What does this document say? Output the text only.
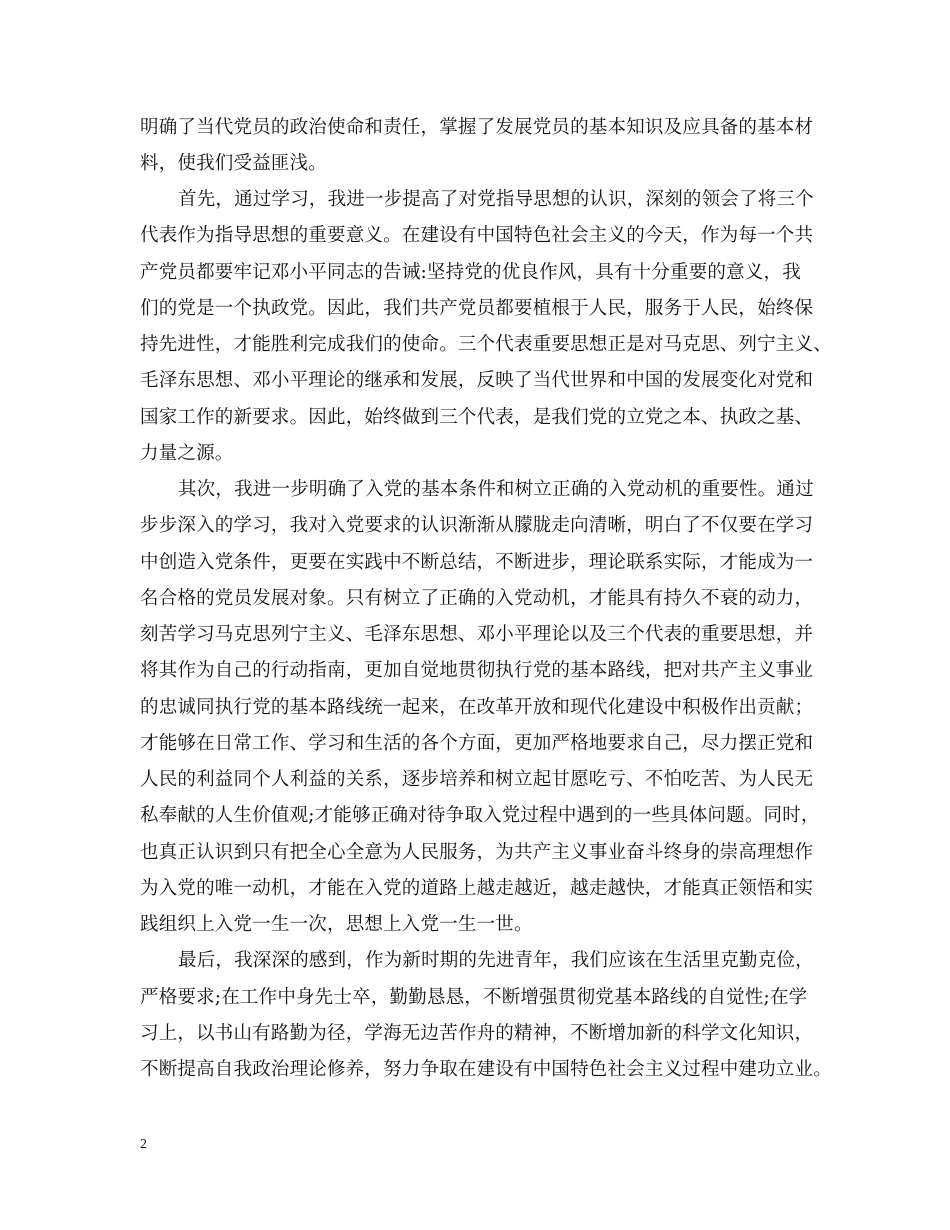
明确了当代党员的政治使命和责任，掌握了发展党员的基本知识及应具备的基本材
料，使我们受益匪浅。
首先，通过学习，我进一步提高了对党指导思想的认识，深刻的领会了将三个
代表作为指导思想的重要意义。在建设有中国特色社会主义的今天，作为每一个共
产党员都要牢记邓小平同志的告诫:坚持党的优良作风，具有十分重要的意义，我
们的党是一个执政党。因此，我们共产党员都要植根于人民，服务于人民，始终保
持先进性，才能胜利完成我们的使命。三个代表重要思想正是对马克思、列宁主义、
毛泽东思想、邓小平理论的继承和发展，反映了当代世界和中国的发展变化对党和
国家工作的新要求。因此，始终做到三个代表，是我们党的立党之本、执政之基、
力量之源。
其次，我进一步明确了入党的基本条件和树立正确的入党动机的重要性。通过
步步深入的学习，我对入党要求的认识渐渐从朦胧走向清晰，明白了不仅要在学习
中创造入党条件，更要在实践中不断总结，不断进步，理论联系实际，才能成为一
名合格的党员发展对象。只有树立了正确的入党动机，才能具有持久不衰的动力，
刻苦学习马克思列宁主义、毛泽东思想、邓小平理论以及三个代表的重要思想，并
将其作为自己的行动指南，更加自觉地贯彻执行党的基本路线，把对共产主义事业
的忠诚同执行党的基本路线统一起来，在改革开放和现代化建设中积极作出贡献；
才能够在日常工作、学习和生活的各个方面，更加严格地要求自己，尽力摆正党和
人民的利益同个人利益的关系，逐步培养和树立起甘愿吃亏、不怕吃苦、为人民无
私奉献的人生价值观;才能够正确对待争取入党过程中遇到的一些具体问题。同时，
也真正认识到只有把全心全意为人民服务，为共产主义事业奋斗终身的崇高理想作
为入党的唯一动机，才能在入党的道路上越走越近，越走越快，才能真正领悟和实
践组织上入党一生一次，思想上入党一生一世。
最后，我深深的感到，作为新时期的先进青年，我们应该在生活里克勤克俭，
严格要求;在工作中身先士卒，勤勤恳恳，不断增强贯彻党基本路线的自觉性;在学
习上，以书山有路勤为径，学海无边苦作舟的精神，不断增加新的科学文化知识，
不断提高自我政治理论修养，努力争取在建设有中国特色社会主义过程中建功立业。
2
